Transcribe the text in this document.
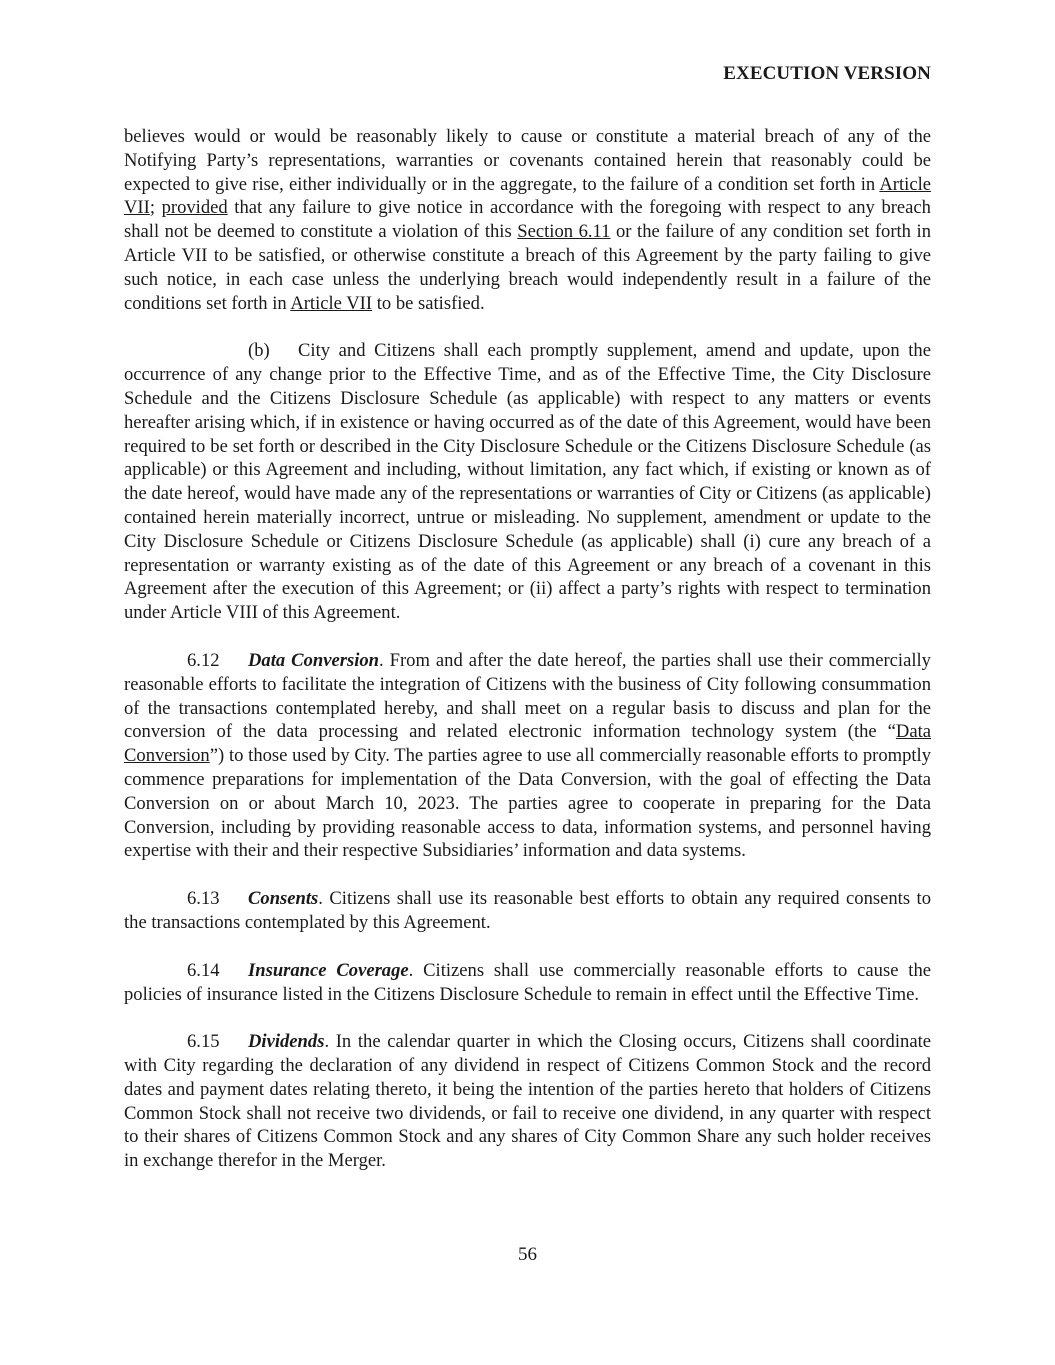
EXECUTION VERSION

believes would or would be reasonably likely to cause or constitute a material breach of any of the Notifying Party’s representations, warranties or covenants contained herein that reasonably could be expected to give rise, either individually or in the aggregate, to the failure of a condition set forth in Article VII; provided that any failure to give notice in accordance with the foregoing with respect to any breach shall not be deemed to constitute a violation of this Section 6.11 or the failure of any condition set forth in Article VII to be satisfied, or otherwise constitute a breach of this Agreement by the party failing to give such notice, in each case unless the underlying breach would independently result in a failure of the conditions set forth in Article VII to be satisfied.

(b) City and Citizens shall each promptly supplement, amend and update, upon the occurrence of any change prior to the Effective Time, and as of the Effective Time, the City Disclosure Schedule and the Citizens Disclosure Schedule (as applicable) with respect to any matters or events hereafter arising which, if in existence or having occurred as of the date of this Agreement, would have been required to be set forth or described in the City Disclosure Schedule or the Citizens Disclosure Schedule (as applicable) or this Agreement and including, without limitation, any fact which, if existing or known as of the date hereof, would have made any of the representations or warranties of City or Citizens (as applicable) contained herein materially incorrect, untrue or misleading. No supplement, amendment or update to the City Disclosure Schedule or Citizens Disclosure Schedule (as applicable) shall (i) cure any breach of a representation or warranty existing as of the date of this Agreement or any breach of a covenant in this Agreement after the execution of this Agreement; or (ii) affect a party’s rights with respect to termination under Article VIII of this Agreement.

6.12 Data Conversion. From and after the date hereof, the parties shall use their commercially reasonable efforts to facilitate the integration of Citizens with the business of City following consummation of the transactions contemplated hereby, and shall meet on a regular basis to discuss and plan for the conversion of the data processing and related electronic information technology system (the “Data Conversion”) to those used by City. The parties agree to use all commercially reasonable efforts to promptly commence preparations for implementation of the Data Conversion, with the goal of effecting the Data Conversion on or about March 10, 2023. The parties agree to cooperate in preparing for the Data Conversion, including by providing reasonable access to data, information systems, and personnel having expertise with their and their respective Subsidiaries’ information and data systems.

6.13 Consents. Citizens shall use its reasonable best efforts to obtain any required consents to the transactions contemplated by this Agreement.

6.14 Insurance Coverage. Citizens shall use commercially reasonable efforts to cause the policies of insurance listed in the Citizens Disclosure Schedule to remain in effect until the Effective Time.

6.15 Dividends. In the calendar quarter in which the Closing occurs, Citizens shall coordinate with City regarding the declaration of any dividend in respect of Citizens Common Stock and the record dates and payment dates relating thereto, it being the intention of the parties hereto that holders of Citizens Common Stock shall not receive two dividends, or fail to receive one dividend, in any quarter with respect to their shares of Citizens Common Stock and any shares of City Common Share any such holder receives in exchange therefor in the Merger.

56
